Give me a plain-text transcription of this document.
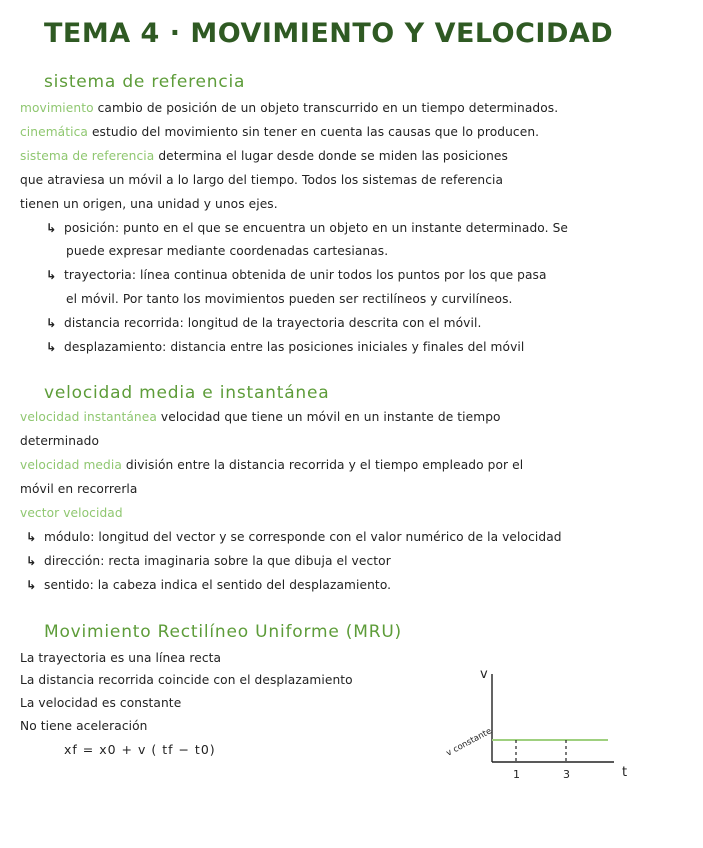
TEMA 4 · MOVIMIENTO Y VELOCIDAD
sistema de referencia
movimiento cambio de posición de un objeto transcurrido en un tiempo determinados.
cinemática estudio del movimiento sin tener en cuenta las causas que lo producen.
sistema de referencia determina el lugar desde donde se miden las posiciones
que atraviesa un móvil a lo largo del tiempo. Todos los sistemas de referencia
tienen un origen, una unidad y unos ejes.
↳ posición: punto en el que se encuentra un objeto en un instante determinado. Se
puede expresar mediante coordenadas cartesianas.
↳ trayectoria: línea continua obtenida de unir todos los puntos por los que pasa
el móvil. Por tanto los movimientos pueden ser rectilíneos y curvilíneos.
↳ distancia recorrida: longitud de la trayectoria descrita con el móvil.
↳ desplazamiento: distancia entre las posiciones iniciales y finales del móvil
velocidad media e instantánea
velocidad instantánea velocidad que tiene un móvil en un instante de tiempo
determinado
velocidad media división entre la distancia recorrida y el tiempo empleado por el
móvil en recorrerla
vector velocidad
↳ módulo: longitud del vector y se corresponde con el valor numérico de la velocidad
↳ dirección: recta imaginaria sobre la que dibuja el vector
↳ sentido: la cabeza indica el sentido del desplazamiento.
Movimiento Rectilíneo Uniforme (MRU)
La trayectoria es una línea recta
La distancia recorrida coincide con el desplazamiento
La velocidad es constante
No tiene aceleración
xf = x0 + v ( tf − t0)
v
1	3	t
v constante
